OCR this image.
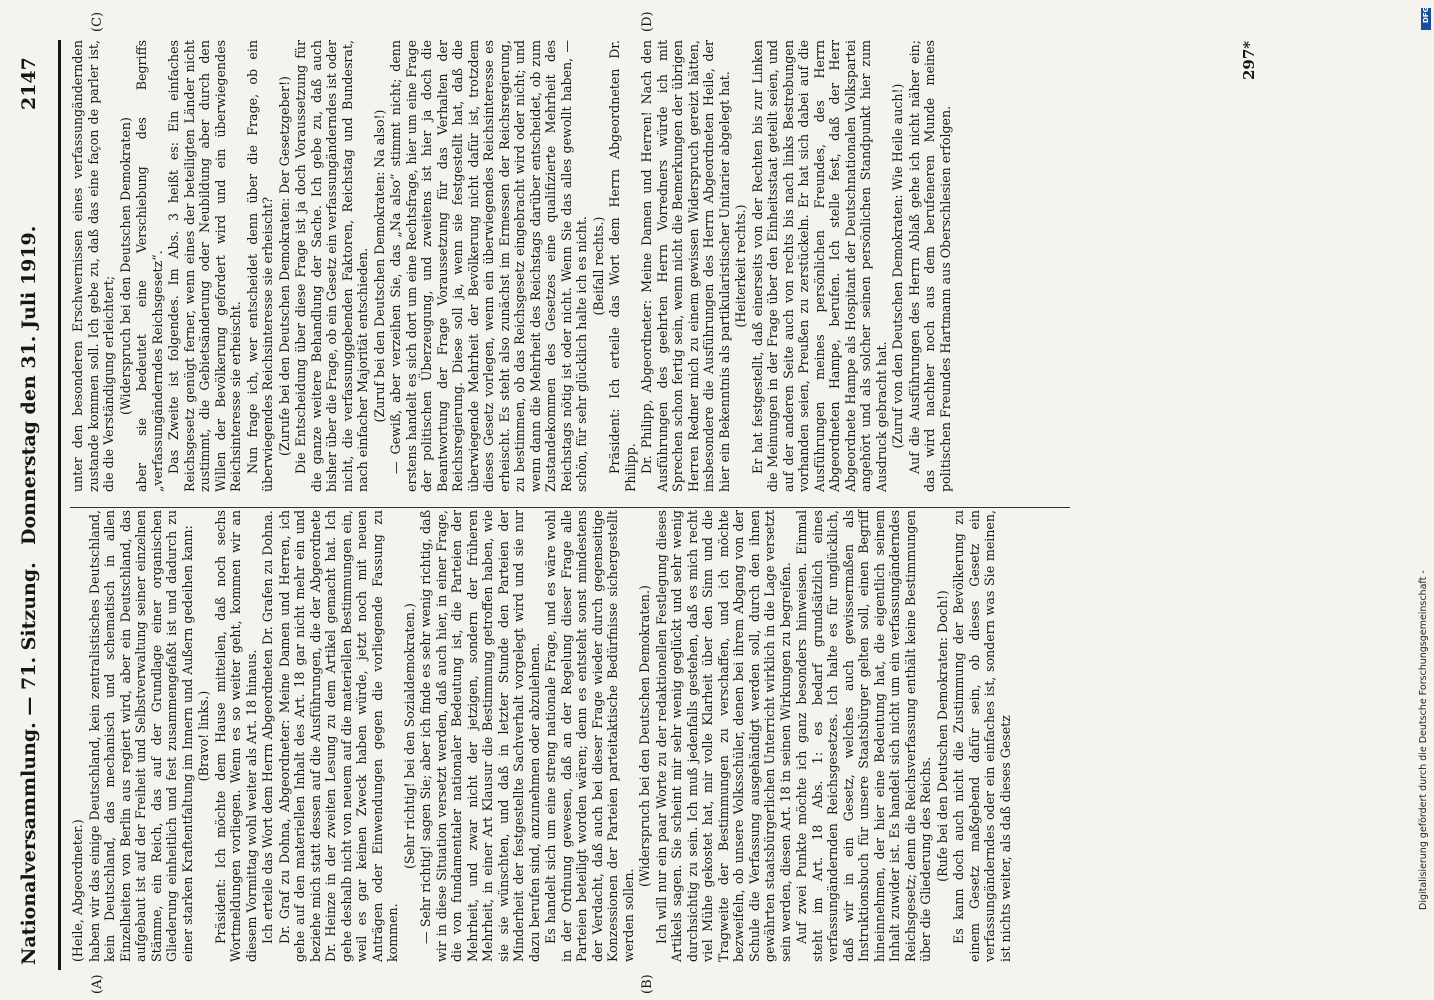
Nationalversammlung. — 71. Sitzung.
Donnerstag den 31. Juli 1919.
2147
(A)	(B)
(C)	(D)

(Heile, Abgeordneter.) haben wir das einige Deutschland, kein zentralistisches Deutschland, kein Deutschland, das mechanisch und schematisch in allen Einzelheiten von Berlin aus regiert wird, aber ein Deutschland, das aufgebaut ist auf der Freiheit und Selbstverwaltung seiner einzelnen Stämme, ein Reich, das auf der Grundlage einer organischen Gliederung einheitlich und fest zusammengefaßt ist und dadurch zu einer starken Kraftentfaltung im Innern und Außern gedeihen kann: (Bravo! links.) Präsident: Ich möchte dem Hause mitteilen, daß noch sechs Wortmeldungen vorliegen. Wenn es so weiter geht, kommen wir an diesem Vormittag wohl weiter als Art. 18 hinaus. Ich erteile das Wort dem Herrn Abgeordneten Dr. Grafen zu Dohna. Dr. Graf zu Dohna, Abgeordneter: Meine Damen und Herren, ich gehe auf den materiellen Inhalt des Art. 18 gar nicht mehr ein und beziehe mich statt dessen auf die Ausführungen, die der Abgeordnete Dr. Heinze in der zweiten Lesung zu dem Artikel gemacht hat. Ich gehe deshalb nicht von neuem auf die materiellen Bestimmungen ein, weil es gar keinen Zweck haben würde, jetzt noch mit neuen Anträgen oder Einwendungen gegen die vorliegende Fassung zu kommen.

(Sehr richtig! bei den Sozialdemokraten.) — Sehr richtig! sagen Sie; aber ich finde es sehr wenig richtig, daß wir in diese Situation versetzt werden, daß auch hier, in einer Frage, die von fundamentaler nationaler Bedeutung ist, die Parteien der Mehrheit, und zwar nicht der jetzigen, sondern der früheren Mehrheit, in einer Art Klausur die Bestimmung getroffen haben, wie sie sie wünschten, und daß in letzter Stunde den Parteien der Minderheit der festgestellte Sachverhalt vorgelegt wird und sie nur dazu berufen sind, anzunehmen oder abzulehnen. Es handelt sich um eine streng nationale Frage, und es wäre wohl in der Ordnung gewesen, daß an der Regelung dieser Frage alle Parteien beteiligt worden wären; denn es entsteht sonst mindestens der Verdacht, daß auch bei dieser Frage wieder durch gegenseitige Konzessionen der Parteien parteitaktische Bedürfnisse sichergestellt werden sollen.

(Widerspruch bei den Deutschen Demokraten.) Ich will nur ein paar Worte zu der redaktionellen Festlegung dieses Artikels sagen. Sie scheint mir sehr wenig geglückt und sehr wenig durchsichtig zu sein. Ich muß jedenfalls gestehen, daß es mich recht viel Mühe gekostet hat, mir volle Klarheit über den Sinn und die Tragweite der Bestimmungen zu verschaffen, und ich möchte bezweifeln, ob unsere Volksschüler, denen bei ihrem Abgang von der Schule die Verfassung ausgehändigt werden soll, durch den ihnen gewährten staatsbürgerlichen Unterricht wirklich in die Lage versetzt sein werden, diesen Art. 18 in seinen Wirkungen zu begreifen. Auf zwei Punkte möchte ich ganz besonders hinweisen. Einmal steht im Art. 18 Abs. 1: es bedarf grundsätzlich eines verfassungändernden Reichsgesetzes. Ich halte es für unglücklich, daß wir in ein Gesetz, welches auch gewissermaßen als Instruktionsbuch für unsere Staatsbürger gelten soll, einen Begriff hineinnehmen, der hier eine Bedeutung hat, die eigentlich seinem Inhalt zuwider ist. Es handelt sich nicht um ein verfassungänderndes Reichsgesetz; denn die Reichsverfassung enthält keine Bestimmungen über die Gliederung des Reichs. (Rufe bei den Deutschen Demokraten: Doch!) Es kann doch auch nicht die Zustimmung der Bevölkerung zu einem Gesetz maßgebend dafür sein, ob dieses Gesetz ein verfassungänderndes oder ein einfaches ist, sondern was Sie meinen, ist nichts weiter, als daß dieses Gesetz

unter den besonderen Erschwernissen eines verfassungändernden zustande kommen soll. Ich gebe zu, daß das eine façon de parler ist, die die Verständigung erleichtert; (Widerspruch bei den Deutschen Demokraten) aber sie bedeutet eine Verschiebung des Begriffs „verfassungänderndes Reichsgesetz“. Das Zweite ist folgendes. Im Abs. 3 heißt es: Ein einfaches Reichsgesetz genügt ferner, wenn eines der beteiligten Länder nicht zustimmt, die Gebietsänderung oder Neubildung aber durch den Willen der Bevölkerung gefordert wird und ein überwiegendes Reichsinteresse sie erheischt. Nun frage ich, wer entscheidet denn über die Frage, ob ein überwiegendes Reichsinteresse sie erheischt? (Zurufe bei den Deutschen Demokraten: Der Gesetzgeber!) Die Entscheidung über diese Frage ist ja doch Voraussetzung für die ganze weitere Behandlung der Sache. Ich gebe zu, daß auch bisher über die Frage, ob ein Gesetz ein verfassungänderndes ist oder nicht, die verfassunggebenden Faktoren, Reichstag und Bundesrat, nach einfacher Majorität entschieden. (Zuruf bei den Deutschen Demokraten: Na also!) — Gewiß, aber verzeihen Sie, das „Na also“ stimmt nicht; denn erstens handelt es sich dort um eine Rechtsfrage, hier um eine Frage der politischen Überzeugung, und zweitens ist hier ja doch die Beantwortung der Frage Voraussetzung für das Verhalten der Reichsregierung. Diese soll ja, wenn sie festgestellt hat, daß die überwiegende Mehrheit der Bevölkerung nicht dafür ist, trotzdem dieses Gesetz vorlegen, wenn ein überwiegendes Reichsinteresse es erheischt. Es steht also zunächst im Ermessen der Reichsregierung, zu bestimmen, ob das Reichsgesetz eingebracht wird oder nicht; und wenn dann die Mehrheit des Reichstags darüber entscheidet, ob zum Zustandekommen des Gesetzes eine qualifizierte Mehrheit des Reichstags nötig ist oder nicht. Wenn Sie das alles gewollt haben, — schön, für sehr glücklich halte ich es nicht. (Beifall rechts.) Präsident: Ich erteile das Wort dem Herrn Abgeordneten Dr. Philipp. Dr. Philipp, Abgeordneter: Meine Damen und Herren! Nach den Ausführungen des geehrten Herrn Vorredners würde ich mit Sprechen schon fertig sein, wenn nicht die Bemerkungen der übrigen Herren Redner mich zu einem gewissen Widerspruch gereizt hätten, insbesondere die Ausführungen des Herrn Abgeordneten Heile, der hier ein Bekenntnis als partikularistischer Unitarier abgelegt hat. (Heiterkeit rechts.) Er hat festgestellt, daß einerseits von der Rechten bis zur Linken die Meinungen in der Frage über den Einheitsstaat geteilt seien, und auf der anderen Seite auch von rechts bis nach links Bestrebungen vorhanden seien, Preußen zu zerstückeln. Er hat sich dabei auf die Ausführungen meines persönlichen Freundes, des Herrn Abgeordneten Hampe, berufen. Ich stelle fest, daß der Herr Abgeordnete Hampe als Hospitant der Deutschnationalen Volkspartei angehört und als solcher seinen persönlichen Standpunkt hier zum Ausdruck gebracht hat. (Zuruf von den Deutschen Demokraten: Wie Heile auch!) Auf die Ausführungen des Herrn Ablaß gehe ich nicht näher ein; das wird nachher noch aus dem berufeneren Munde meines politischen Freundes Hartmann aus Oberschlesien erfolgen.

297*
Digitalisierung gefördert durch die Deutsche Forschungsgemeinschaft -
DFG
